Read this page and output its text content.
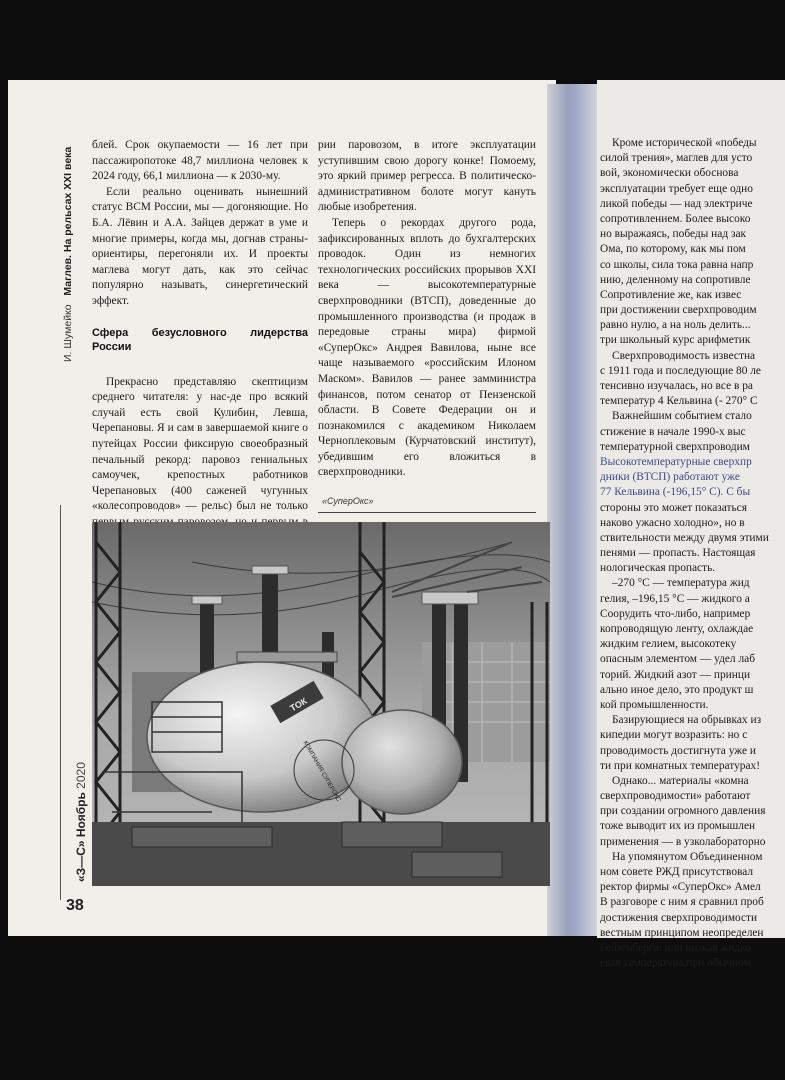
И. Шумейко   Маглев. На рельсах XXI века
«З—С» Ноябрь 2020
38

блей. Срок окупаемости — 16 лет при пассажиропотоке 48,7 миллиона человек к 2024 году, 66,1 миллиона — к 2030-му.

Если реально оценивать нынешний статус ВСМ России, мы — догоняющие. Но Б.А. Лёвин и А.А. Зайцев держат в уме и многие примеры, когда мы, догнав страны-ориентиры, перегоняли их. И проекты маглева могут дать, как это сейчас популярно называть, синергетический эффект.

Сфера безусловного лидерства России

Прекрасно представляю скептицизм среднего читателя: у нас-де про всякий случай есть свой Кулибин, Левша, Черепановы. Я и сам в завершаемой книге о путейцах России фиксирую своеобразный печальный рекорд: паровоз гениальных самоучек, крепостных работников Черепановых (400 саженей чугунных «колесопроводов» — рельс) был не только

рии паровозом, в итоге эксплуатации уступившим свою дорогу конке! Помоему, это яркий пример регресса. В политическо-административном болоте могут кануть любые изобретения.

Теперь о рекордах другого рода, зафиксированных вплоть до бухгалтерских проводок. Один из немногих технологических российских прорывов XXI века — высокотемпературные сверхпроводники (ВТСП), доведенные до промышленного производства (и продаж в передовые страны мира) фирмой «СуперОкс» Андрея Вавилова, ныне все чаще называемого «российским Илоном Маском». Вавилов — ранее замминистра финансов, потом сенатор от Пензенской области. В Совете Федерации он и познакомился с академиком Николаем Черноплековым (Курчатовский институт), убедившим его вложиться в сверхпроводники.

«СуперОкс»
ТОК
КОМПАНИЯ СУПЕРОКС
Кроме исторической «победы
силой трения», маглев для усто
вой, экономически обоснова
эксплуатации требует еще одно
ликой победы — над электриче
сопротивлением. Более высоко
но выражаясь, победы над зак
Ома, по которому, как мы пом
со школы, сила тока равна напр
нию, деленному на сопротивле
Сопротивление же, как извес
при достижении сверхпроводим
равно нулю, а на ноль делить...
три школьный курс арифметик
Сверхпроводимость известна
с 1911 года и последующие 80 ле
тенсивно изучалась, но все в ра
температур 4 Кельвина (- 270° С
Важнейшим событием стало
стижение в начале 1990-х выс
температурной сверхпроводим
Высокотемпературные сверхпр
дники (ВТСП) работают уже
77 Кельвина (-196,15° С). С бы
стороны это может показаться
наково ужасно холодно», но в
ствительности между двумя этими
пенями — пропасть. Настоящая
нологическая пропасть.
–270 °С — температура жид
гелия, –196,15 °С — жидкого а
Соорудить что-либо, например
копроводящую ленту, охлаждае
жидким гелием, высокотеку
опасным элементом — удел лаб
торий. Жидкий азот — принци
ально иное дело, это продукт ш
кой промышленности.
Базирующиеся на обрывках из
кипедии могут возразить: но с
проводимость достигнута уже и
ти при комнатных температурах!
Однако... материалы «комна
сверхпроводимости» работают
при создании огромного давления
тоже выводит их из промышлен
применения — в узколабораторно
На упомянутом Объединенном
ном совете РЖД присутствовал
ректор фирмы «СуперОкс» Амел
В разговоре с ним я сравнил проб
достижения сверхпроводимости
вестным принципом неопределен
Гейзенберга: или низкая жидко
евая температура при обычном
